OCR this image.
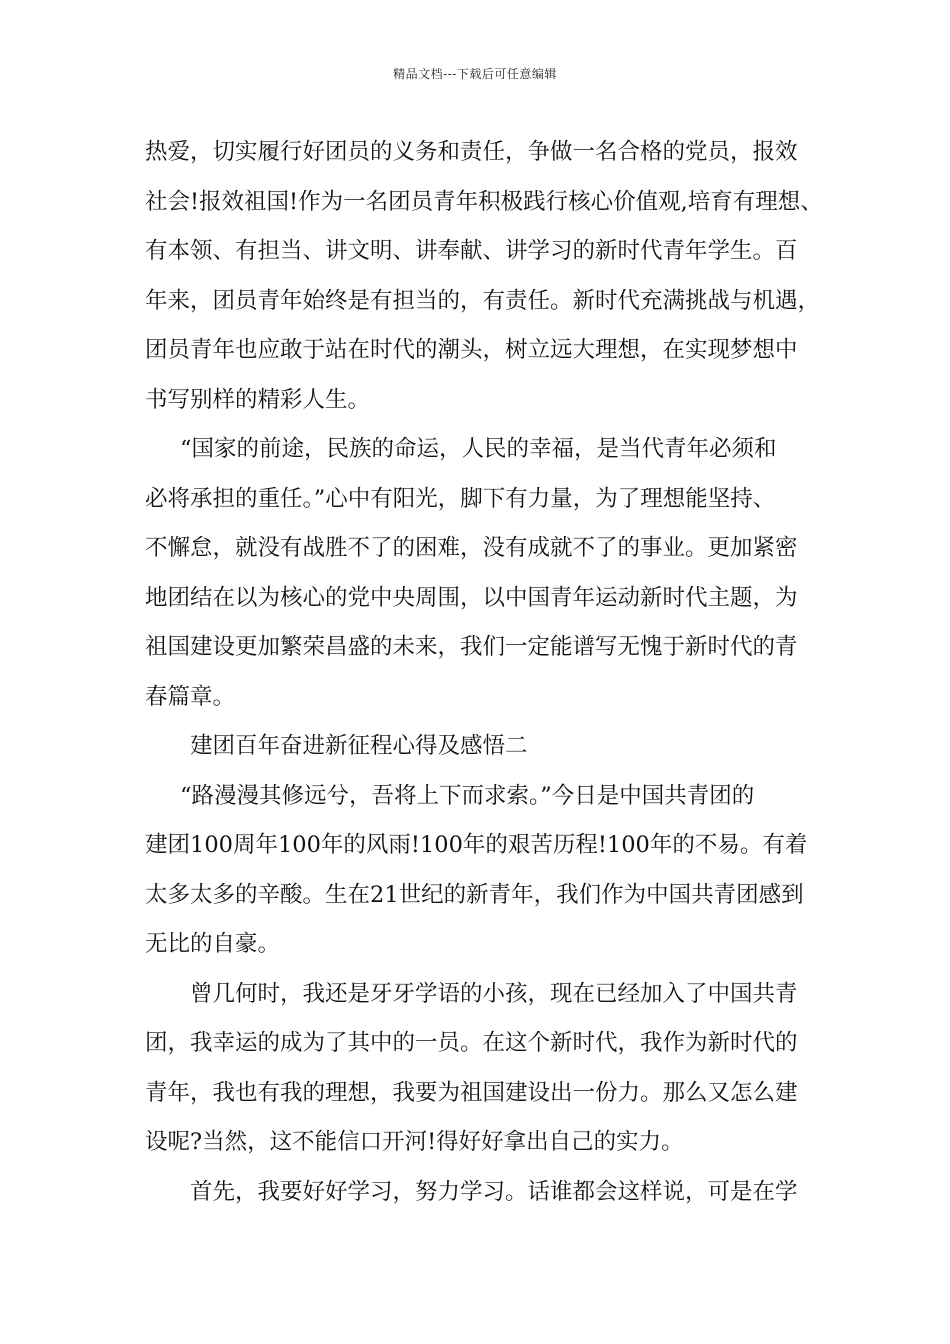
精品文档---下载后可任意编辑
热爱，切实履行好团员的义务和责任，争做一名合格的党员，报效
社会!报效祖国!作为一名团员青年积极践行核心价值观,培育有理想、
有本领、有担当、讲文明、讲奉献、讲学习的新时代青年学生。百
年来，团员青年始终是有担当的，有责任。新时代充满挑战与机遇，
团员青年也应敢于站在时代的潮头，树立远大理想，在实现梦想中
书写别样的精彩人生。
“国家的前途，民族的命运，人民的幸福，是当代青年必须和
必将承担的重任。”心中有阳光，脚下有力量，为了理想能坚持、
不懈怠，就没有战胜不了的困难，没有成就不了的事业。更加紧密
地团结在以为核心的党中央周围，以中国青年运动新时代主题，为
祖国建设更加繁荣昌盛的未来，我们一定能谱写无愧于新时代的青
春篇章。
建团百年奋进新征程心得及感悟二
“路漫漫其修远兮，吾将上下而求索。”今日是中国共青团的
建团100周年100年的风雨!100年的艰苦历程!100年的不易。有着
太多太多的辛酸。生在21世纪的新青年，我们作为中国共青团感到
无比的自豪。
曾几何时，我还是牙牙学语的小孩，现在已经加入了中国共青
团，我幸运的成为了其中的一员。在这个新时代，我作为新时代的
青年，我也有我的理想，我要为祖国建设出一份力。那么又怎么建
设呢?当然，这不能信口开河!得好好拿出自己的实力。
首先，我要好好学习，努力学习。话谁都会这样说，可是在学
